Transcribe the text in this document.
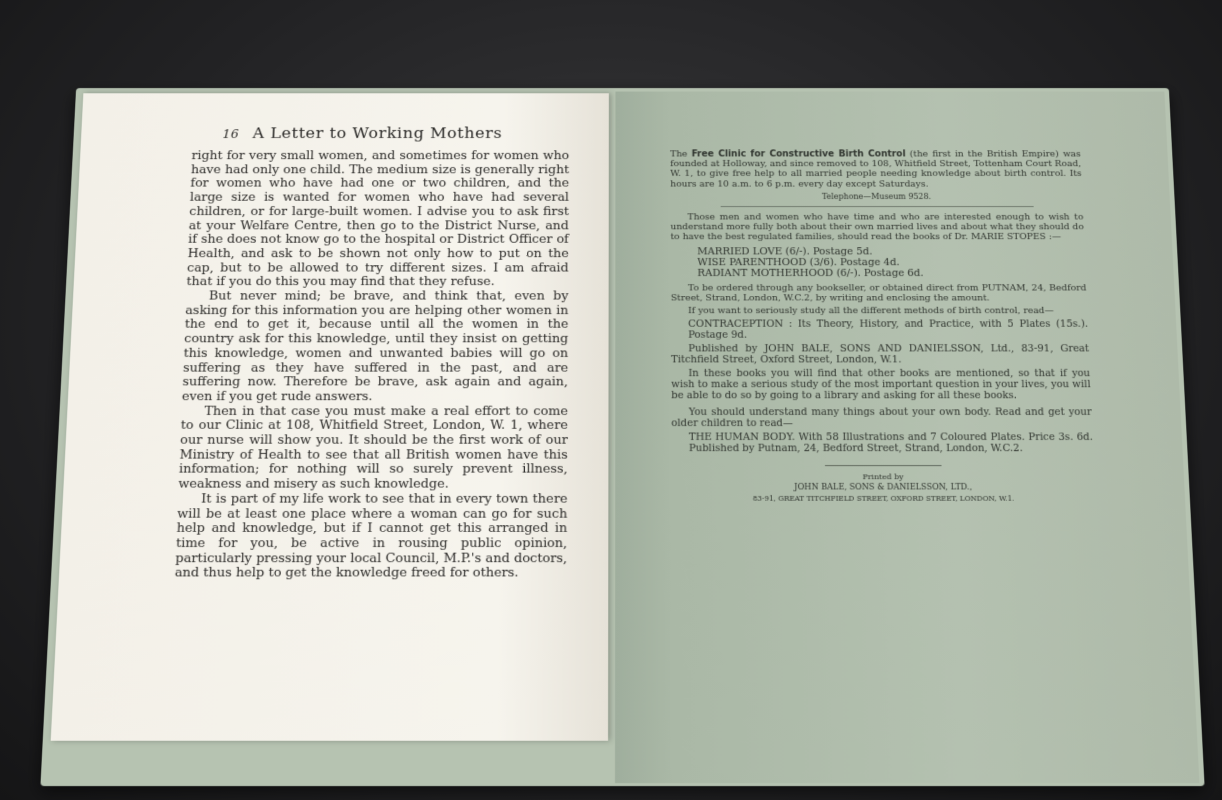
16 A Letter to Working Mothers

right for very small women, and sometimes for women who have had only one child. The medium size is generally right for women who have had one or two children, and the large size is wanted for women who have had several children, or for large-built women. I advise you to ask first at your Welfare Centre, then go to the District Nurse, and if she does not know go to the hospital or District Officer of Health, and ask to be shown not only how to put on the cap, but to be allowed to try different sizes. I am afraid that if you do this you may find that they refuse.

But never mind; be brave, and think that, even by asking for this information you are helping other women in the end to get it, because until all the women in the country ask for this knowledge, until they insist on getting this knowledge, women and unwanted babies will go on suffering as they have suffered in the past, and are suffering now. Therefore be brave, ask again and again, even if you get rude answers.

Then in that case you must make a real effort to come to our Clinic at 108, Whitfield Street, London, W. 1, where our nurse will show you. It should be the first work of our Ministry of Health to see that all British women have this information; for nothing will so surely prevent illness, weakness and misery as such knowledge.

It is part of my life work to see that in every town there will be at least one place where a woman can go for such help and knowledge, but if I cannot get this arranged in time for you, be active in rousing public opinion, particularly pressing your local Council, M.P.'s and doctors, and thus help to get the knowledge freed for others.

The Free Clinic for Constructive Birth Control (the first in the British Empire) was founded at Holloway, and since removed to 108, Whitfield Street, Tottenham Court Road, W. 1, to give free help to all married people needing knowledge about birth control. Its hours are 10 a.m. to 6 p.m. every day except Saturdays.

Telephone—Museum 9528.

Those men and women who have time and who are interested enough to wish to understand more fully both about their own married lives and about what they should do to have the best regulated families, should read the books of Dr. MARIE STOPES :—

MARRIED LOVE (6/-). Postage 5d.

WISE PARENTHOOD (3/6). Postage 4d.

RADIANT MOTHERHOOD (6/-). Postage 6d.

To be ordered through any bookseller, or obtained direct from PUTNAM, 24, Bedford Street, Strand, London, W.C.2, by writing and enclosing the amount.

If you want to seriously study all the different methods of birth control, read—

CONTRACEPTION : Its Theory, History, and Practice, with 5 Plates (15s.). Postage 9d.

Published by JOHN BALE, SONS AND DANIELSSON, Ltd., 83-91, Great Titchfield Street, Oxford Street, London, W.1.

In these books you will find that other books are mentioned, so that if you wish to make a serious study of the most important question in your lives, you will be able to do so by going to a library and asking for all these books.

You should understand many things about your own body. Read and get your older children to read—

THE HUMAN BODY. With 58 Illustrations and 7 Coloured Plates. Price 3s. 6d. Published by Putnam, 24, Bedford Street, Strand, London, W.C.2.

Printed by

JOHN BALE, SONS & DANIELSSON, LTD.,

83-91, GREAT TITCHFIELD STREET, OXFORD STREET, LONDON, W.1.
